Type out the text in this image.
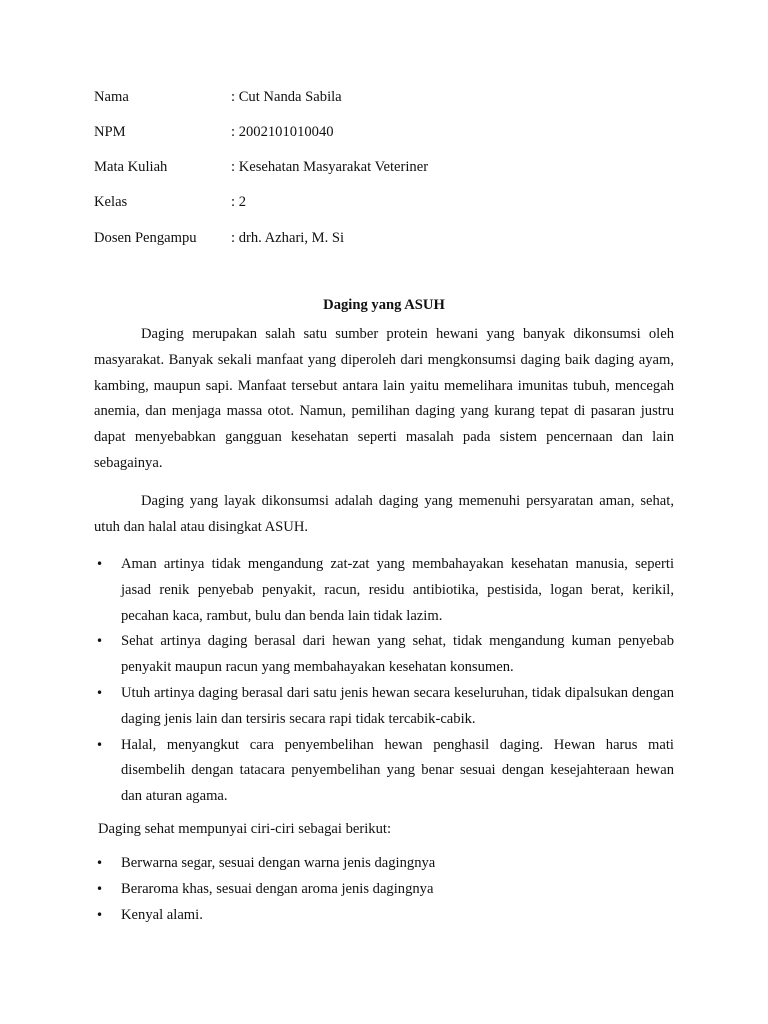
Nama	: Cut Nanda Sabila
NPM	: 2002101010040
Mata Kuliah	: Kesehatan Masyarakat Veteriner
Kelas	: 2
Dosen Pengampu : drh. Azhari, M. Si
Daging yang ASUH

Daging merupakan salah satu sumber protein hewani yang banyak dikonsumsi oleh masyarakat. Banyak sekali manfaat yang diperoleh dari mengkonsumsi daging baik daging ayam, kambing, maupun sapi. Manfaat tersebut antara lain yaitu memelihara imunitas tubuh, mencegah anemia, dan menjaga massa otot. Namun, pemilihan daging yang kurang tepat di pasaran justru dapat menyebabkan gangguan kesehatan seperti masalah pada sistem pencernaan dan lain sebagainya.

Daging yang layak dikonsumsi adalah daging yang memenuhi persyaratan aman, sehat, utuh dan halal atau disingkat ASUH.

• Aman artinya tidak mengandung zat-zat yang membahayakan kesehatan manusia, seperti jasad renik penyebab penyakit, racun, residu antibiotika, pestisida, logan berat, kerikil, pecahan kaca, rambut, bulu dan benda lain tidak lazim.
• Sehat artinya daging berasal dari hewan yang sehat, tidak mengandung kuman penyebab penyakit maupun racun yang membahayakan kesehatan konsumen.
• Utuh artinya daging berasal dari satu jenis hewan secara keseluruhan, tidak dipalsukan dengan daging jenis lain dan tersiris secara rapi tidak tercabik-cabik.
• Halal, menyangkut cara penyembelihan hewan penghasil daging. Hewan harus mati disembelih dengan tatacara penyembelihan yang benar sesuai dengan kesejahteraan hewan dan aturan agama.
Daging sehat mempunyai ciri-ciri sebagai berikut:
• Berwarna segar, sesuai dengan warna jenis dagingnya
• Beraroma khas, sesuai dengan aroma jenis dagingnya
• Kenyal alami.
